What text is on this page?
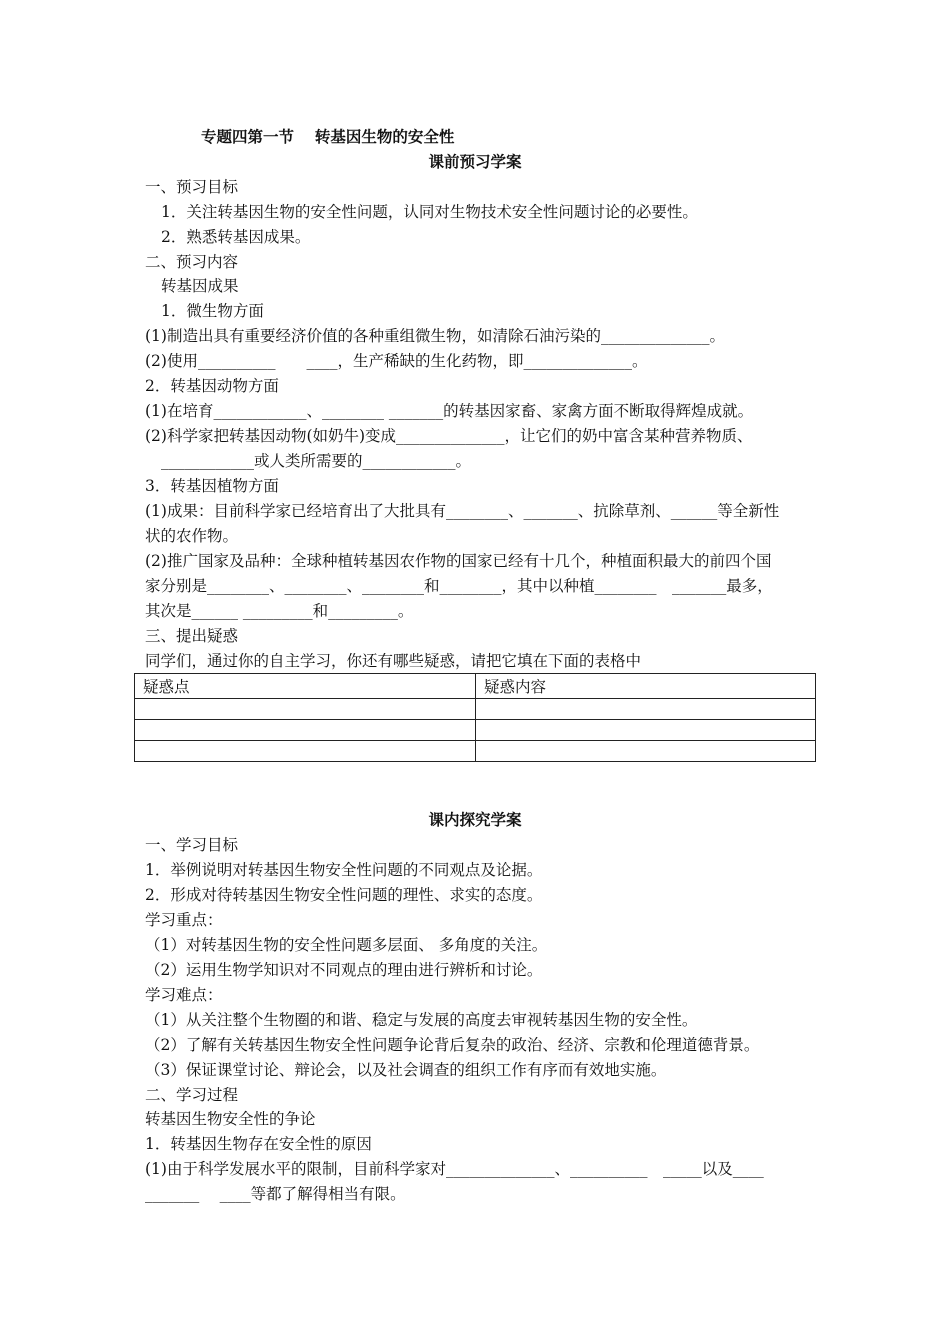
专题四第一节　 转基因生物的安全性
课前预习学案
一、预习目标
1．关注转基因生物的安全性问题，认同对生物技术安全性问题讨论的必要性。
2．熟悉转基因成果。
二、预习内容
转基因成果
1．微生物方面
(1)制造出具有重要经济价值的各种重组微生物，如清除石油污染的______________。
(2)使用__________　　____，生产稀缺的生化药物，即______________。
2．转基因动物方面
(1)在培育____________、________ _______的转基因家畜、家禽方面不断取得辉煌成就。
(2)科学家把转基因动物(如奶牛)变成______________，让它们的奶中富含某种营养物质、
____________或人类所需要的____________。
3．转基因植物方面
(1)成果：目前科学家已经培育出了大批具有________、_______、抗除草剂、______等全新性
状的农作物。
(2)推广国家及品种：全球种植转基因农作物的国家已经有十几个，种植面积最大的前四个国
家分别是________、________、________和________，其中以种植________　_______最多，
其次是______ _________和_________。
三、提出疑惑
同学们，通过你的自主学习，你还有哪些疑惑，请把它填在下面的表格中
疑惑点	疑惑内容

课内探究学案
一、学习目标
1．举例说明对转基因生物安全性问题的不同观点及论据。
2．形成对待转基因生物安全性问题的理性、求实的态度。
学习重点：
（1）对转基因生物的安全性问题多层面、 多角度的关注。
（2）运用生物学知识对不同观点的理由进行辨析和讨论。
学习难点：
（1）从关注整个生物圈的和谐、稳定与发展的高度去审视转基因生物的安全性。
（2）了解有关转基因生物安全性问题争论背后复杂的政治、经济、宗教和伦理道德背景。
（3）保证课堂讨论、辩论会，以及社会调查的组织工作有序而有效地实施。
二、学习过程
转基因生物安全性的争论
1．转基因生物存在安全性的原因
(1)由于科学发展水平的限制，目前科学家对______________、__________　_____以及____
_______　 ____等都了解得相当有限。
